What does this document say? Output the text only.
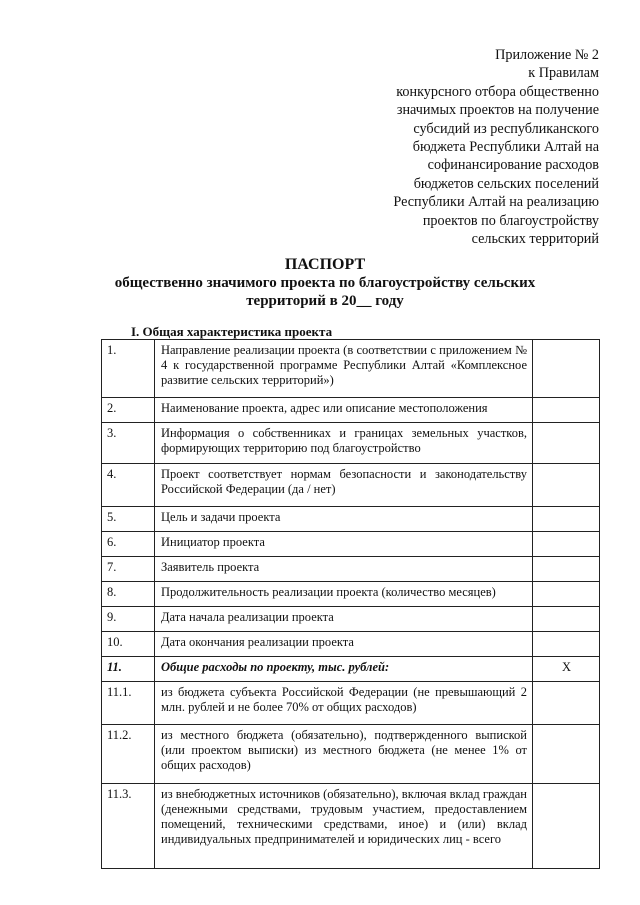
Приложение № 2
к Правилам
конкурсного отбора общественно
значимых проектов на получение
субсидий из республиканского
бюджета Республики Алтай на
софинансирование расходов
бюджетов сельских поселений
Республики Алтай на реализацию
проектов по благоустройству
сельских территорий
ПАСПОРТ
общественно значимого проекта по благоустройству сельских
территорий в 20__ году
I. Общая характеристика проекта
1.	Направление реализации проекта (в соответствии с приложением № 4 к государственной программе Республики Алтай «Комплексное развитие сельских территорий»)	
2.	Наименование проекта, адрес или описание местоположения	
3.	Информация о собственниках и границах земельных участков, формирующих территорию под благоустройство	
4.	Проект соответствует нормам безопасности и законодательству Российской Федерации (да / нет)	
5.	Цель и задачи проекта	
6.	Инициатор проекта	
7.	Заявитель проекта	
8.	Продолжительность реализации проекта (количество месяцев)	
9.	Дата начала реализации проекта	
10.	Дата окончания реализации проекта	
11.	Общие расходы по проекту, тыс. рублей:	X
11.1.	из бюджета субъекта Российской Федерации (не превышающий 2 млн. рублей и не более 70% от общих расходов)	
11.2.	из местного бюджета (обязательно), подтвержденного выпиской (или проектом выписки) из местного бюджета (не менее 1% от общих расходов)	
11.3.	из внебюджетных источников (обязательно), включая вклад граждан (денежными средствами, трудовым участием, предоставлением помещений, техническими средствами, иное) и (или) вклад индивидуальных предпринимателей и юридических лиц - всего	
